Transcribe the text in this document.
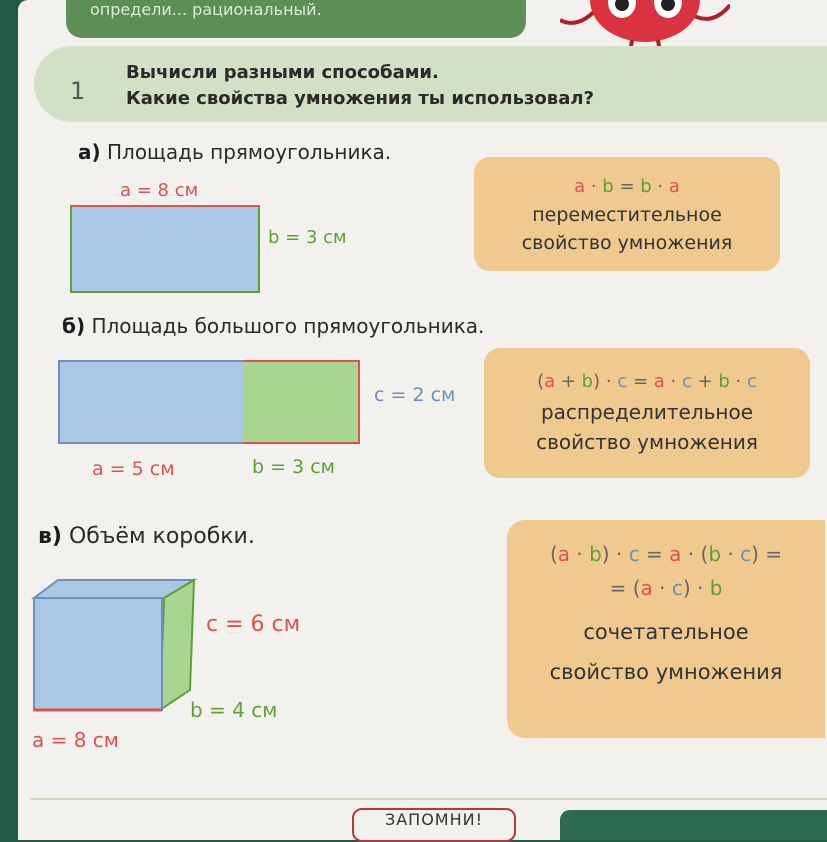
определи... рациональный.
1
Вычисли разными способами.
Какие свойства умножения ты использовал?
а) Площадь прямоугольника.
a = 8 см
b = 3 см
a · b = b · a
переместительное
свойство умножения
б) Площадь большого прямоугольника.
c = 2 см
a = 5 см	b = 3 см
(a + b) · c = a · c + b · c
распределительное
свойство умножения
в) Объём коробки.
a = 8 см
b = 4 см
c = 6 см
(a · b) · c = a · (b · c) =
= (a · c) · b
сочетательное
свойство умножения
ЗАПОМНИ!
